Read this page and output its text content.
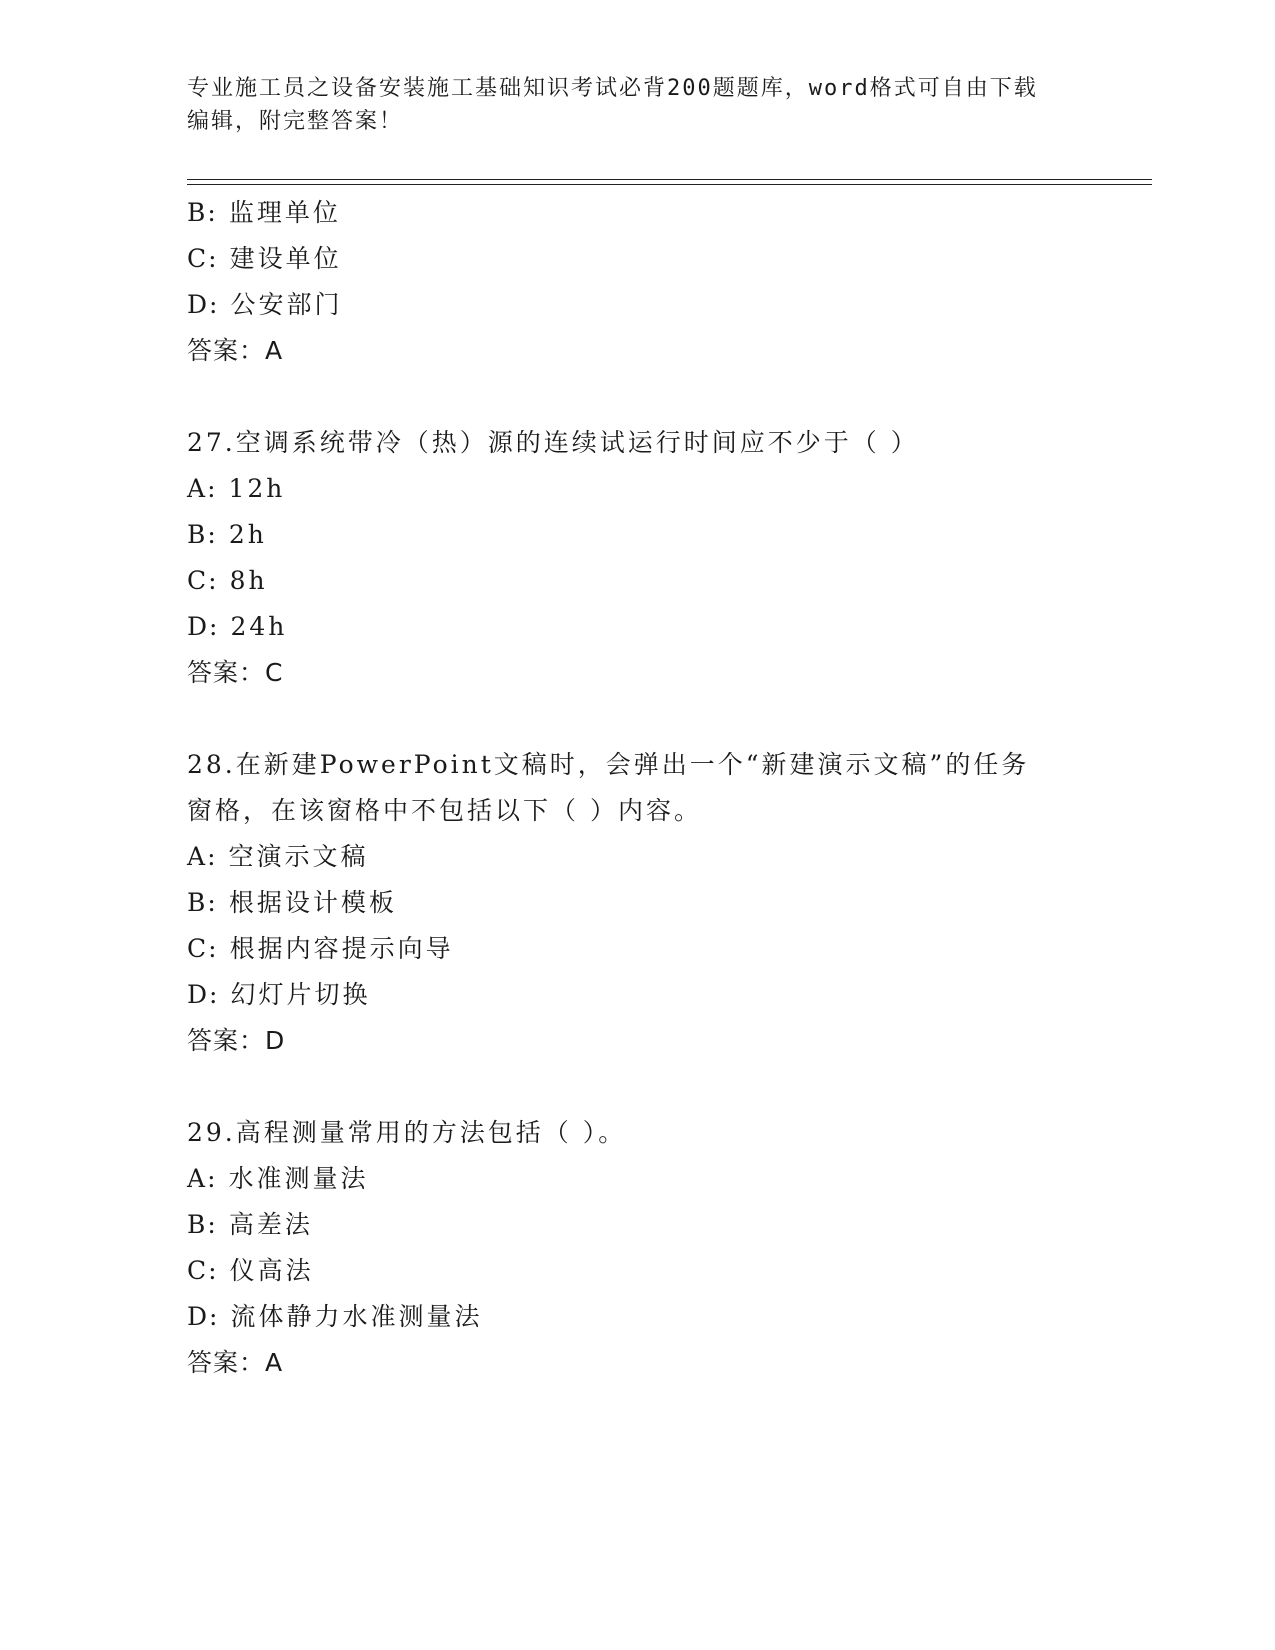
专业施工员之设备安装施工基础知识考试必背200题题库，word格式可自由下载
编辑，附完整答案！
B: 监理单位
C: 建设单位
D: 公安部门
答案：A
27.空调系统带冷（热）源的连续试运行时间应不少于（ ）
A: 12h
B: 2h
C: 8h
D: 24h
答案：C
28.在新建PowerPoint文稿时，会弹出一个“新建演示文稿”的任务
窗格，在该窗格中不包括以下（ ）内容。
A: 空演示文稿
B: 根据设计模板
C: 根据内容提示向导
D: 幻灯片切换
答案：D
29.高程测量常用的方法包括（ ）。
A: 水准测量法
B: 高差法
C: 仪高法
D: 流体静力水准测量法
答案：A
